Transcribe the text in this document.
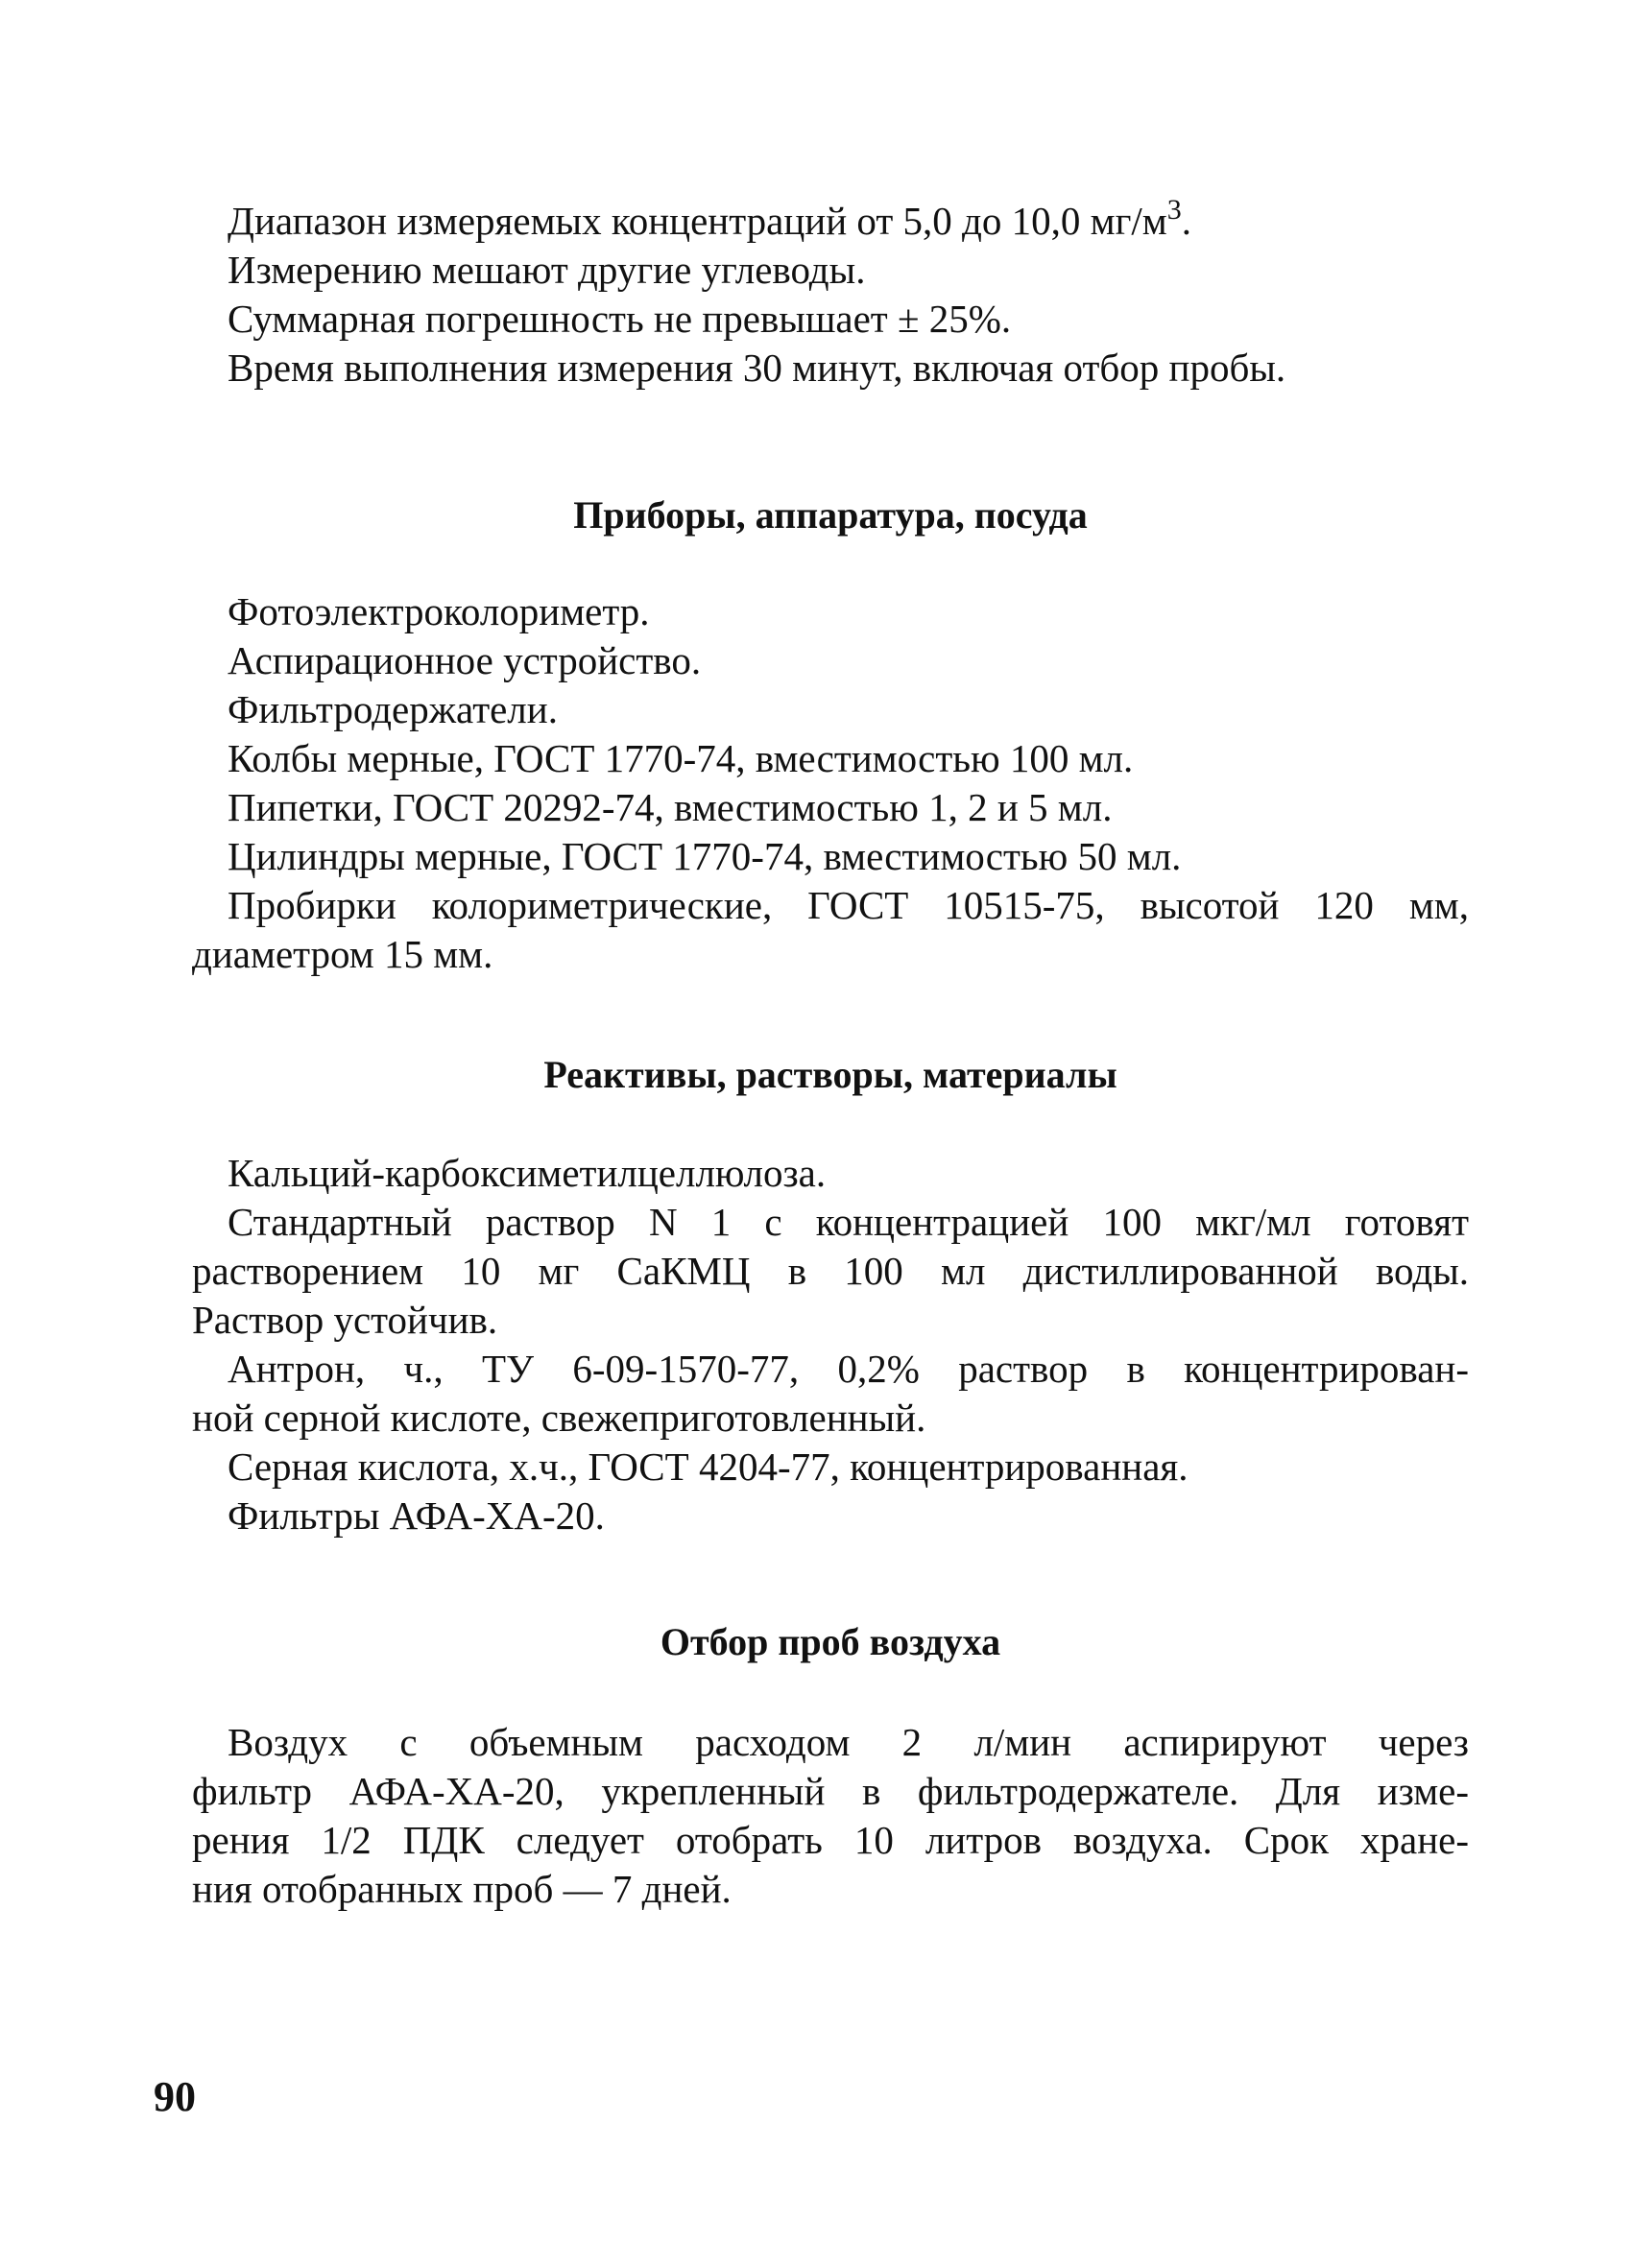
Диапазон измеряемых концентраций от 5,0 до 10,0 $мг/м^3$.
Измерению мешают другие углеводы.
Суммарная погрешность не превышает ± 25%.
Время выполнения измерения 30 минут, включая отбор пробы.
Приборы, аппаратура, посуда
Фотоэлектроколориметр.
Аспирационное устройство.
Фильтродержатели.
Колбы мерные, ГОСТ 1770-74, вместимостью 100 мл.
Пипетки, ГОСТ 20292-74, вместимостью 1, 2 и 5 мл.
Цилиндры мерные, ГОСТ 1770-74, вместимостью 50 мл.
Пробирки колориметрические, ГОСТ 10515-75, высотой 120 мм,
диаметром 15 мм.
Реактивы, растворы, материалы
Кальций-карбоксиметилцеллюлоза.
Стандартный раствор N 1 с концентрацией 100 мкг/мл готовят
растворением 10 мг СаКМЦ в 100 мл дистиллированной воды.
Раствор устойчив.
Антрон, ч., ТУ 6-09-1570-77, 0,2% раствор в концентрирован-
ной серной кислоте, свежеприготовленный.
Серная кислота, х.ч., ГОСТ 4204-77, концентрированная.
Фильтры АФА-ХА-20.
Отбор проб воздуха
Воздух с объемным расходом 2 л/мин аспирируют через
фильтр АФА-ХА-20, укрепленный в фильтродержателе. Для изме-
рения 1/2 ПДК следует отобрать 10 литров воздуха. Срок хране-
ния отобранных проб — 7 дней.
90
